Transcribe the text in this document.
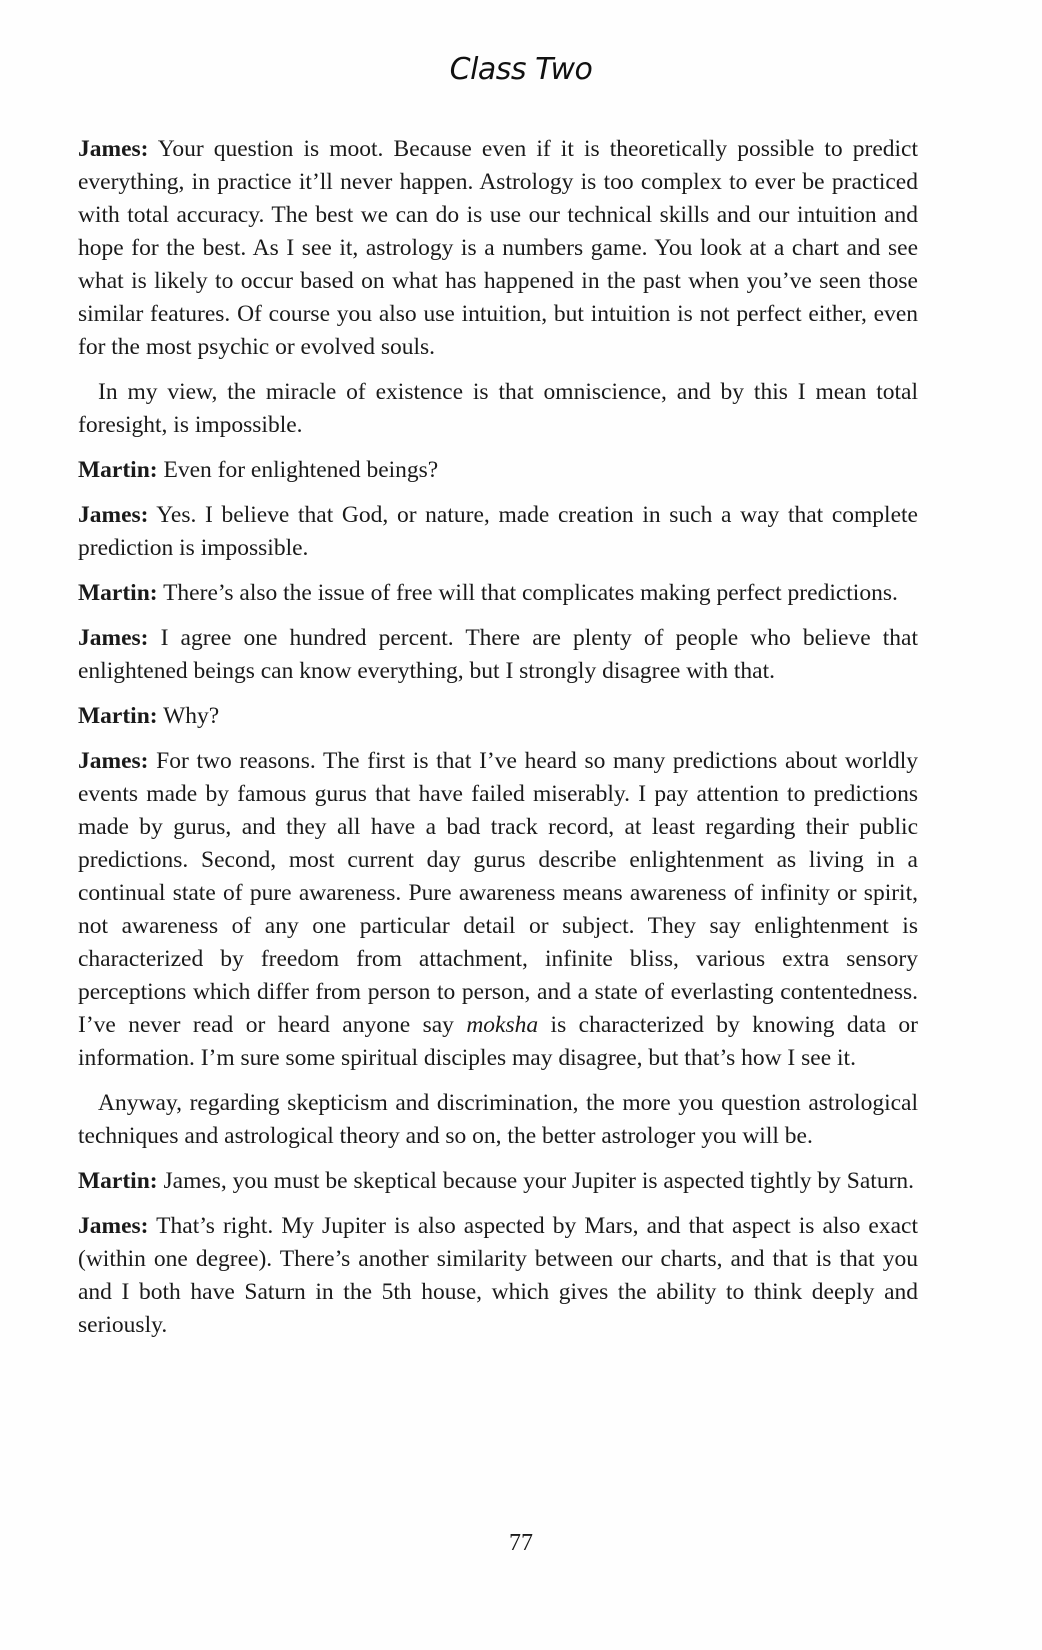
Class Two

James: Your question is moot. Because even if it is theoretically possible to predict everything, in practice it’ll never happen. Astrology is too complex to ever be practiced with total accuracy. The best we can do is use our technical skills and our intuition and hope for the best. As I see it, astrology is a numbers game. You look at a chart and see what is likely to occur based on what has happened in the past when you’ve seen those similar features. Of course you also use intuition, but intuition is not perfect either, even for the most psychic or evolved souls.

In my view, the miracle of existence is that omniscience, and by this I mean total foresight, is impossible.

Martin: Even for enlightened beings?

James: Yes. I believe that God, or nature, made creation in such a way that complete prediction is impossible.

Martin: There’s also the issue of free will that complicates making perfect predictions.

James: I agree one hundred percent. There are plenty of people who believe that enlightened beings can know everything, but I strongly disagree with that.

Martin: Why?

James: For two reasons. The first is that I’ve heard so many predictions about worldly events made by famous gurus that have failed miserably. I pay attention to predictions made by gurus, and they all have a bad track record, at least regarding their public predictions. Second, most current day gurus describe enlightenment as living in a continual state of pure awareness. Pure awareness means awareness of infinity or spirit, not awareness of any one particular detail or subject. They say enlightenment is characterized by freedom from attachment, infinite bliss, various extra sensory perceptions which differ from person to person, and a state of everlasting contentedness. I’ve never read or heard anyone say moksha is characterized by knowing data or information. I’m sure some spiritual disciples may disagree, but that’s how I see it.

Anyway, regarding skepticism and discrimination, the more you question astrological techniques and astrological theory and so on, the better astrologer you will be.

Martin: James, you must be skeptical because your Jupiter is aspected tightly by Saturn.

James: That’s right. My Jupiter is also aspected by Mars, and that aspect is also exact (within one degree). There’s another similarity between our charts, and that is that you and I both have Saturn in the 5th house, which gives the ability to think deeply and seriously.

77
